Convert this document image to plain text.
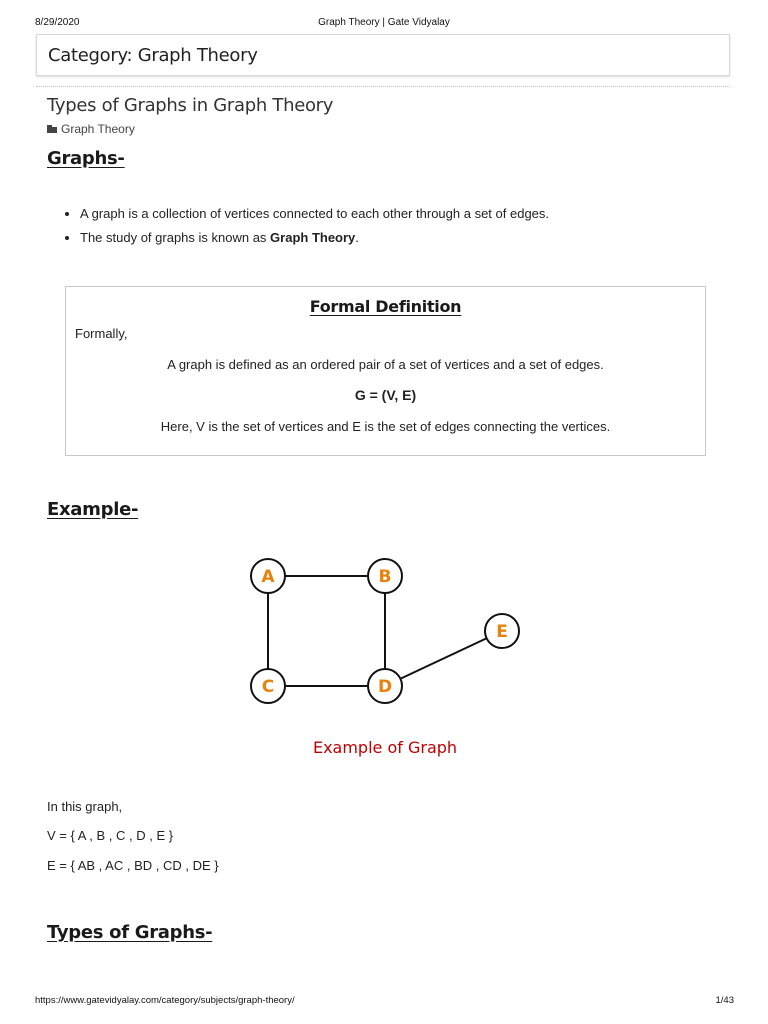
8/29/2020	Graph Theory | Gate Vidyalay
Category: Graph Theory
Types of Graphs in Graph Theory
Graph Theory
Graphs-
• A graph is a collection of vertices connected to each other through a set of edges.
• The study of graphs is known as Graph Theory.
Formal Definition
Formally,
A graph is defined as an ordered pair of a set of vertices and a set of edges.
G = (V, E)
Here, V is the set of vertices and E is the set of edges connecting the vertices.
Example-
A	B
C	D
E
Example of Graph
In this graph,
V = { A , B , C , D , E }
E = { AB , AC , BD , CD , DE }
Types of Graphs-
https://www.gatevidyalay.com/category/subjects/graph-theory/	1/43
